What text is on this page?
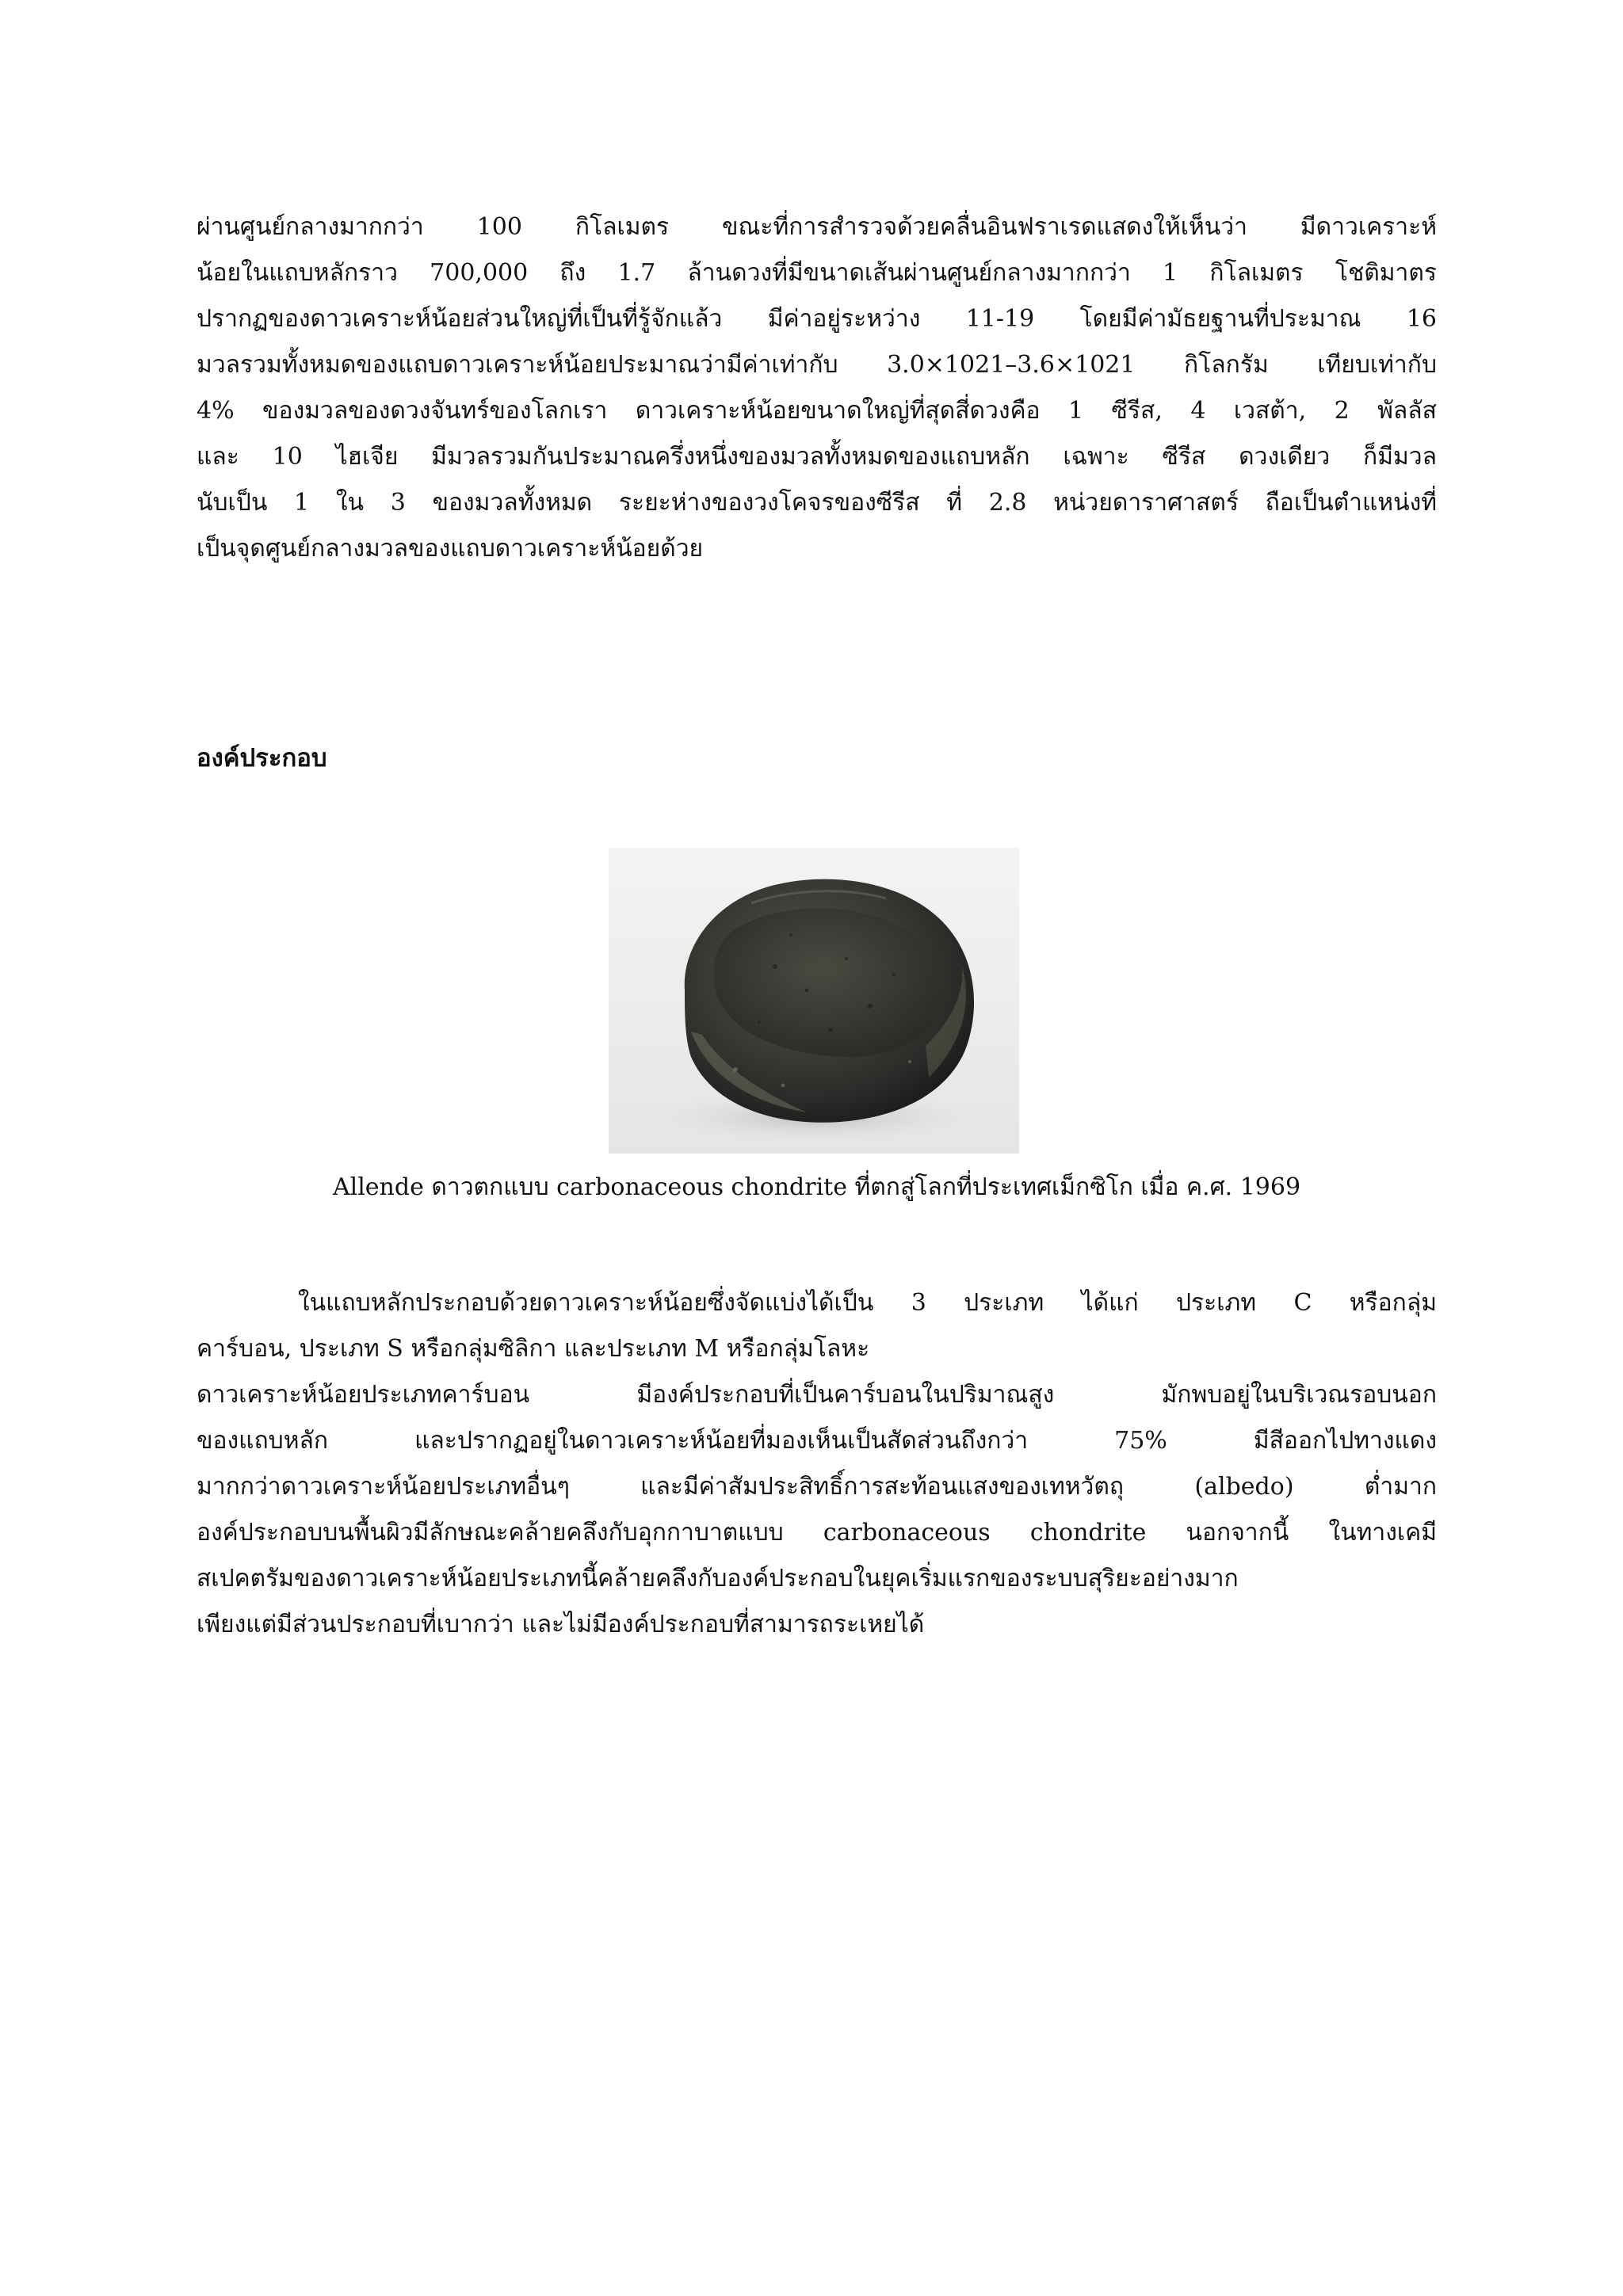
ผ่านศูนย์กลางมากกว่า 100 กิโลเมตร ขณะที่การสำรวจด้วยคลื่นอินฟราเรดแสดงให้เห็นว่า มีดาวเคราะห์
น้อยในแถบหลักราว 700,000 ถึง 1.7 ล้านดวงที่มีขนาดเส้นผ่านศูนย์กลางมากกว่า 1 กิโลเมตร โชติมาตร
ปรากฏของดาวเคราะห์น้อยส่วนใหญ่ที่เป็นที่รู้จักแล้ว มีค่าอยู่ระหว่าง 11-19 โดยมีค่ามัธยฐานที่ประมาณ 16
มวลรวมทั้งหมดของแถบดาวเคราะห์น้อยประมาณว่ามีค่าเท่ากับ 3.0×1021–3.6×1021 กิโลกรัม เทียบเท่ากับ
4% ของมวลของดวงจันทร์ของโลกเรา ดาวเคราะห์น้อยขนาดใหญ่ที่สุดสี่ดวงคือ 1 ซีรีส, 4 เวสต้า, 2 พัลลัส
และ 10 ไฮเจีย มีมวลรวมกันประมาณครึ่งหนึ่งของมวลทั้งหมดของแถบหลัก เฉพาะ ซีรีส ดวงเดียว ก็มีมวล
นับเป็น 1 ใน 3 ของมวลทั้งหมด ระยะห่างของวงโคจรของซีรีส ที่ 2.8 หน่วยดาราศาสตร์ ถือเป็นตำแหน่งที่
เป็นจุดศูนย์กลางมวลของแถบดาวเคราะห์น้อยด้วย
องค์ประกอบ
Allende ดาวตกแบบ carbonaceous chondrite ที่ตกสู่โลกที่ประเทศเม็กซิโก เมื่อ ค.ศ. 1969
ในแถบหลักประกอบด้วยดาวเคราะห์น้อยซึ่งจัดแบ่งได้เป็น 3 ประเภท ได้แก่ ประเภท C หรือกลุ่ม
คาร์บอน, ประเภท S หรือกลุ่มซิลิกา และประเภท M หรือกลุ่มโลหะ
ดาวเคราะห์น้อยประเภทคาร์บอน มีองค์ประกอบที่เป็นคาร์บอนในปริมาณสูง มักพบอยู่ในบริเวณรอบนอก
ของแถบหลัก และปรากฏอยู่ในดาวเคราะห์น้อยที่มองเห็นเป็นสัดส่วนถึงกว่า 75% มีสีออกไปทางแดง
มากกว่าดาวเคราะห์น้อยประเภทอื่นๆ และมีค่าสัมประสิทธิ์การสะท้อนแสงของเทหวัตถุ (albedo) ต่ำมาก
องค์ประกอบบนพื้นผิวมีลักษณะคล้ายคลึงกับอุกกาบาตแบบ carbonaceous chondrite นอกจากนี้ ในทางเคมี
สเปคตรัมของดาวเคราะห์น้อยประเภทนี้คล้ายคลึงกับองค์ประกอบในยุคเริ่มแรกของระบบสุริยะอย่างมาก
เพียงแต่มีส่วนประกอบที่เบากว่า และไม่มีองค์ประกอบที่สามารถระเหยได้
